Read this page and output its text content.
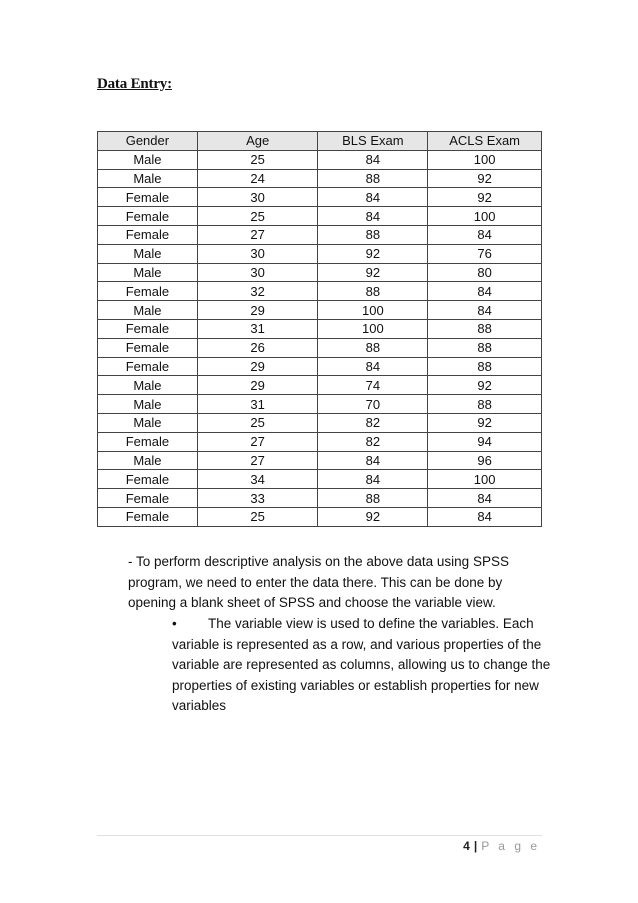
Data Entry:
Gender	Age	BLS Exam	ACLS Exam
Male	25	84	100
Male	24	88	92
Female	30	84	92
Female	25	84	100
Female	27	88	84
Male	30	92	76
Male	30	92	80
Female	32	88	84
Male	29	100	84
Female	31	100	88
Female	26	88	88
Female	29	84	88
Male	29	74	92
Male	31	70	88
Male	25	82	92
Female	27	82	94
Male	27	84	96
Female	34	84	100
Female	33	88	84
Female	25	92	84

- To perform descriptive analysis on the above data using SPSS program, we need to enter the data there. This can be done by opening a blank sheet of SPSS and choose the variable view.

• The variable view is used to define the variables. Each variable is represented as a row, and various properties of the variable are represented as columns, allowing us to change the properties of existing variables or establish properties for new variables

4 | P a g e
